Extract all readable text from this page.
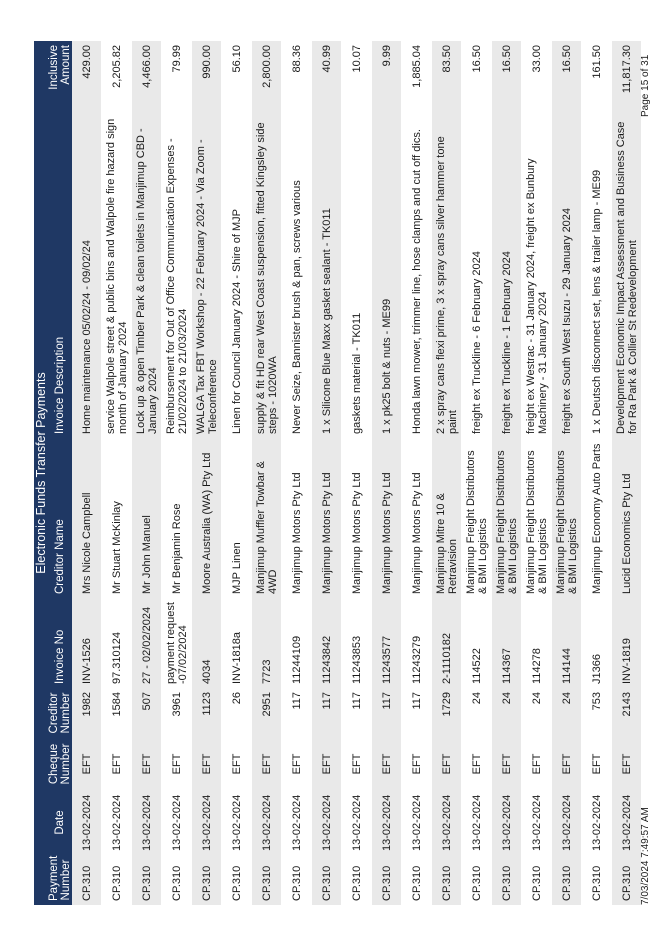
Electronic Funds Transfer Payments
Payment Number
Date
Cheque Number
Creditor Number
Invoice No
Creditor Name
Invoice Description
Inclusive Amount
CP.310
13-02-2024
EFT
1982
INV-1526
Mrs Nicole Campbell
Home maintenance 05/02/24 - 09/02/24
429.00
CP.310
13-02-2024
EFT
1584
97.310124
Mr Stuart McKinlay
service Walpole street & public bins and Walpole fire hazard sign month of January 2024
2,205.82
CP.310
13-02-2024
EFT
507
27 - 02/02/2024
Mr John Manuel
Lock up & open Timber Park & clean toilets in Manjimup CBD - January 2024
4,466.00
CP.310
13-02-2024
EFT
3961
payment request -07/02/2024
Mr Benjamin Rose
Reimbursement for Out of Office Communication Expenses - 21/02/2024 to 21/03/2024
79.99
CP.310
13-02-2024
EFT
1123
4034
Moore Australia (WA) Pty Ltd
WALGA Tax FBT Workshop - 22 February 2024 - Via Zoom - Teleconference
990.00
CP.310
13-02-2024
EFT
26
INV-1818a
MJP Linen
Linen for Council January 2024 - Shire of MJP
56.10
CP.310
13-02-2024
EFT
2951
7723
Manjimup Muffler Towbar & 4WD
supply & fit HD rear West Coast suspension, fitted Kingsley side steps - 1020WA
2,800.00
CP.310
13-02-2024
EFT
117
11244109
Manjimup Motors Pty Ltd
Never Seize, Bannister brush & pan, screws various
88.36
CP.310
13-02-2024
EFT
117
11243842
Manjimup Motors Pty Ltd
1 x Silicone Blue Maxx gasket sealant - TK011
40.99
CP.310
13-02-2024
EFT
117
11243853
Manjimup Motors Pty Ltd
gaskets material - TK011
10.07
CP.310
13-02-2024
EFT
117
11243577
Manjimup Motors Pty Ltd
1 x pk25 bolt & nuts - ME99
9.99
CP.310
13-02-2024
EFT
117
11243279
Manjimup Motors Pty Ltd
Honda lawn mower, trimmer line, hose clamps and cut off dics.
1,885.04
CP.310
13-02-2024
EFT
1729
2-1110182
Manjimup Mitre 10 & Retravision
2 x spray cans flexi prime, 3 x spray cans silver hammer tone paint
83.50
CP.310
13-02-2024
EFT
24
114522
Manjimup Freight Distributors & BMI Logistics
freight ex Truckline - 6 February 2024
16.50
CP.310
13-02-2024
EFT
24
114367
Manjimup Freight Distributors & BMI Logistics
freight ex Truckline - 1 February 2024
16.50
CP.310
13-02-2024
EFT
24
114278
Manjimup Freight Distributors & BMI Logistics
freight ex Westrac - 31 January 2024, freight ex Bunbury Machinery - 31 January 2024
33.00
CP.310
13-02-2024
EFT
24
114144
Manjimup Freight Distributors & BMI Logistics
freight ex South West Isuzu - 29 January 2024
16.50
CP.310
13-02-2024
EFT
753
J1366
Manjimup Economy Auto Parts
1 x Deutsch disconnect set, lens & trailer lamp - ME99
161.50
CP.310
13-02-2024
EFT
2143
INV-1819
Lucid Economics Pty Ltd
Development Economic Impact Assessment and Business Case for Ra Park & Collier St Redevelopment
11,817.30
7/03/2024 7:49:57 AM
Page 15 of 31
